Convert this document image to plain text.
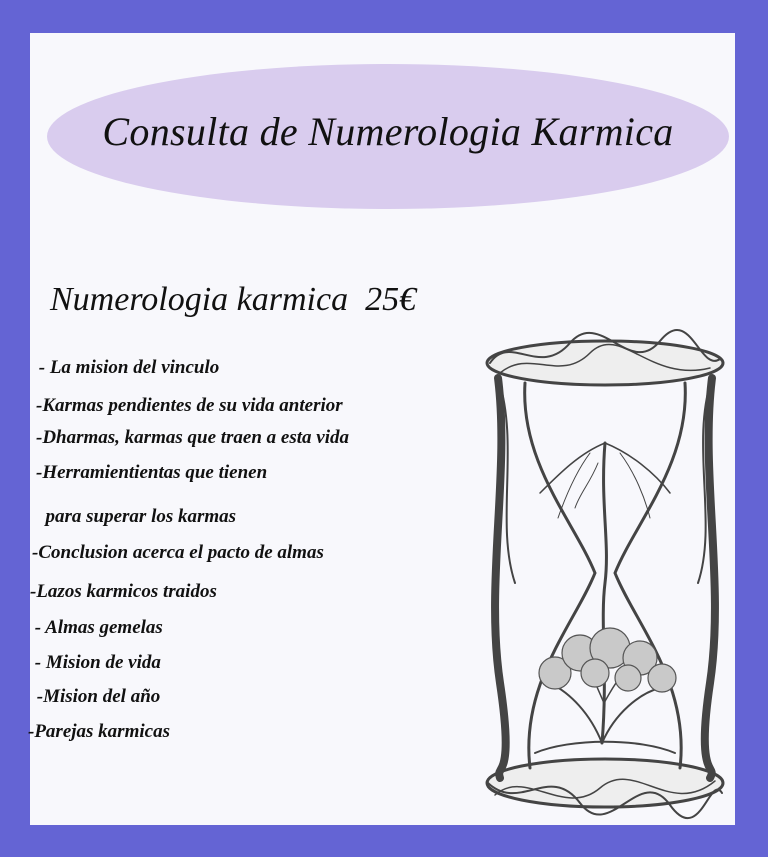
Consulta de Numerologia Karmica
Numerologia karmica  25€
- La mision del vinculo
-Karmas pendientes de su vida anterior
-Dharmas, karmas que traen a esta vida
-Herramientientas que tienen
para superar los karmas
-Conclusion acerca el pacto de almas
-Lazos karmicos traidos
- Almas gemelas
- Mision de vida
-Mision del año
-Parejas karmicas
